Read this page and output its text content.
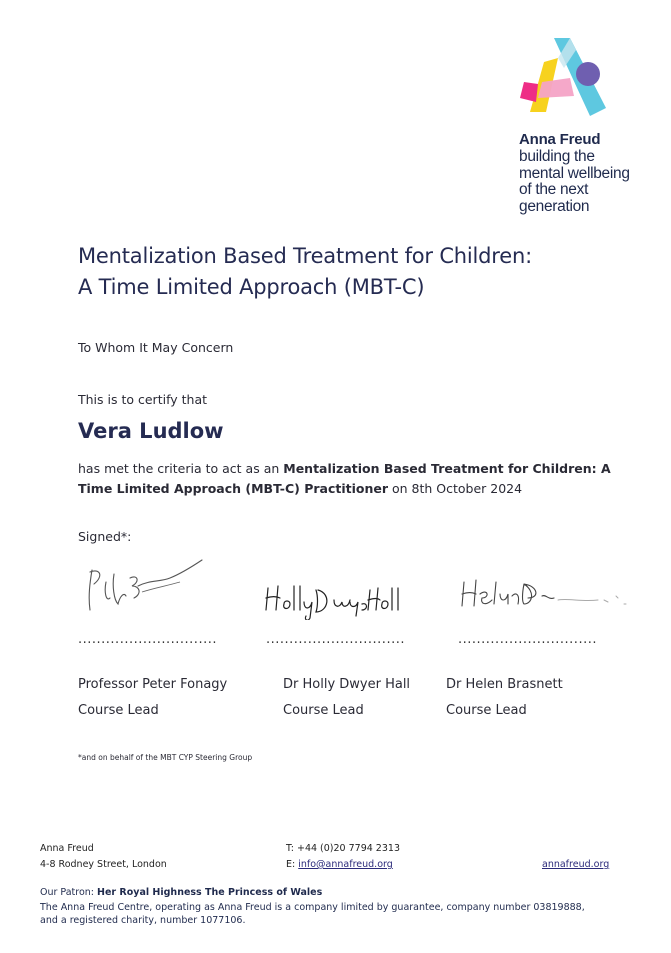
Anna Freud
building the
mental wellbeing
of the next
generation
Mentalization Based Treatment for Children:
A Time Limited Approach (MBT-C)
To Whom It May Concern
This is to certify that
Vera Ludlow
has met the criteria to act as an Mentalization Based Treatment for Children: A Time Limited Approach (MBT-C) Practitioner on 8th October 2024
Signed*:
..............................	..............................	..............................
Professor Peter Fonagy
Course Lead
Dr Holly Dwyer Hall
Course Lead
Dr Helen Brasnett
Course Lead
*and on behalf of the MBT CYP Steering Group
Anna Freud
4-8 Rodney Street, London
T: +44 (0)20 7794 2313
E: info@annafreud.org	annafreud.org
Our Patron: Her Royal Highness The Princess of Wales
The Anna Freud Centre, operating as Anna Freud is a company limited by guarantee, company number 03819888,
and a registered charity, number 1077106.
